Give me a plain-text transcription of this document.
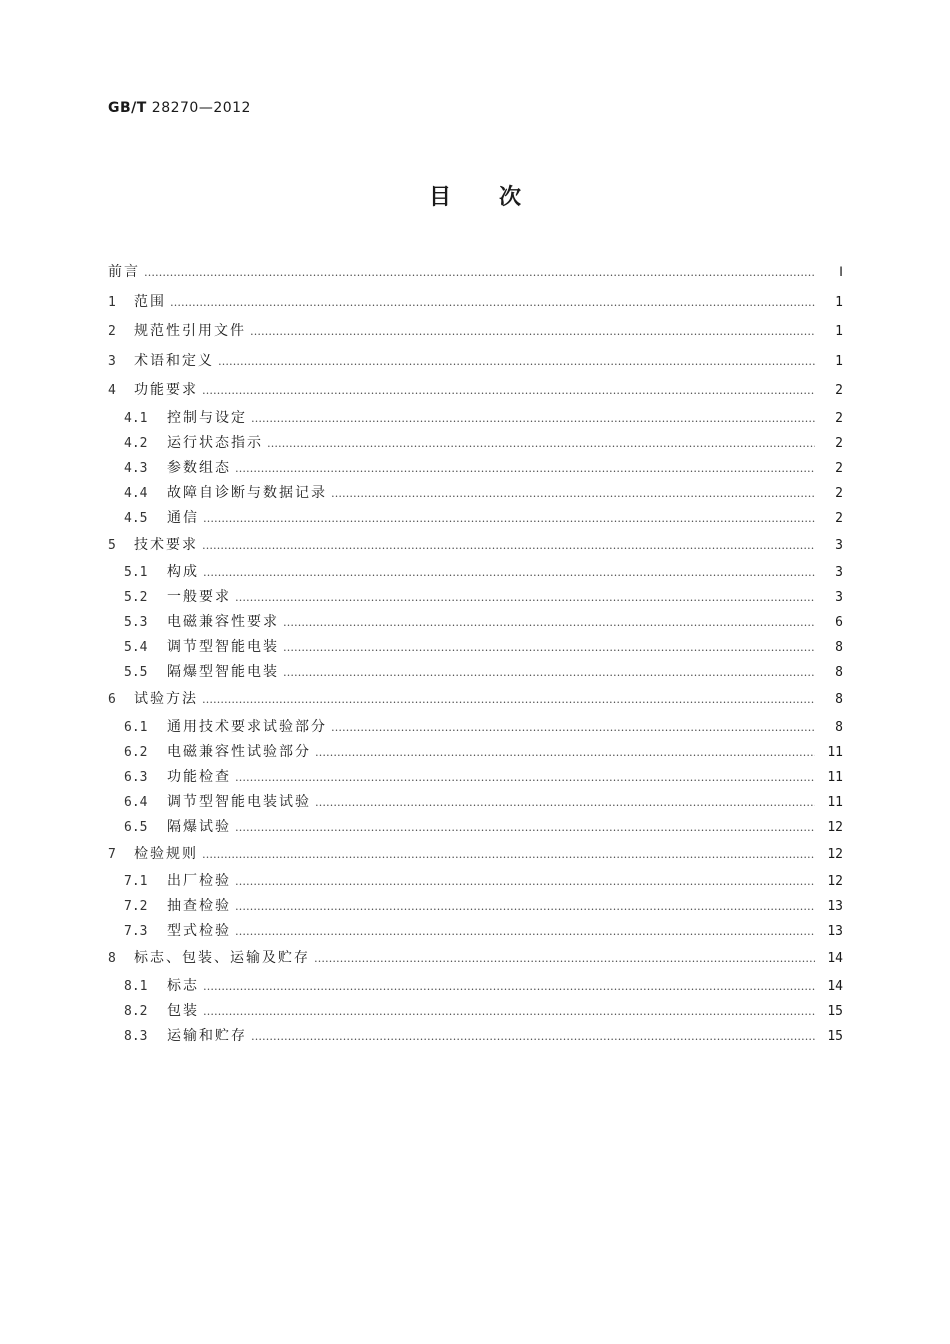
GB/T 28270—2012
目次
前言 ……………………………………………………………………………………………………………………………………………………………………………………………………………………………………………………	Ⅰ
1	范围 ……………………………………………………………………………………………………………………………………………………………………………………………………………………………………………………	1
2	规范性引用文件 ……………………………………………………………………………………………………………………………………………………………………………………………………………………………………………………	1
3	术语和定义 ……………………………………………………………………………………………………………………………………………………………………………………………………………………………………………………	1
4	功能要求 ……………………………………………………………………………………………………………………………………………………………………………………………………………………………………………………	2
4.1	控制与设定 ……………………………………………………………………………………………………………………………………………………………………………………………………………………………………………………	2
4.2	运行状态指示 ……………………………………………………………………………………………………………………………………………………………………………………………………………………………………………………	2
4.3	参数组态 ……………………………………………………………………………………………………………………………………………………………………………………………………………………………………………………	2
4.4	故障自诊断与数据记录 ……………………………………………………………………………………………………………………………………………………………………………………………………………………………………………………	2
4.5	通信 ……………………………………………………………………………………………………………………………………………………………………………………………………………………………………………………	2
5	技术要求 ……………………………………………………………………………………………………………………………………………………………………………………………………………………………………………………	3
5.1	构成 ……………………………………………………………………………………………………………………………………………………………………………………………………………………………………………………	3
5.2	一般要求 ……………………………………………………………………………………………………………………………………………………………………………………………………………………………………………………	3
5.3	电磁兼容性要求 ……………………………………………………………………………………………………………………………………………………………………………………………………………………………………………………	6
5.4	调节型智能电装 ……………………………………………………………………………………………………………………………………………………………………………………………………………………………………………………	8
5.5	隔爆型智能电装 ……………………………………………………………………………………………………………………………………………………………………………………………………………………………………………………	8
6	试验方法 ……………………………………………………………………………………………………………………………………………………………………………………………………………………………………………………	8
6.1	通用技术要求试验部分 ……………………………………………………………………………………………………………………………………………………………………………………………………………………………………………………	8
6.2	电磁兼容性试验部分 ……………………………………………………………………………………………………………………………………………………………………………………………………………………………………………………	11
6.3	功能检查 ……………………………………………………………………………………………………………………………………………………………………………………………………………………………………………………	11
6.4	调节型智能电装试验 ……………………………………………………………………………………………………………………………………………………………………………………………………………………………………………………	11
6.5	隔爆试验 ……………………………………………………………………………………………………………………………………………………………………………………………………………………………………………………	12
7	检验规则 ……………………………………………………………………………………………………………………………………………………………………………………………………………………………………………………	12
7.1	出厂检验 ……………………………………………………………………………………………………………………………………………………………………………………………………………………………………………………	12
7.2	抽查检验 ……………………………………………………………………………………………………………………………………………………………………………………………………………………………………………………	13
7.3	型式检验 ……………………………………………………………………………………………………………………………………………………………………………………………………………………………………………………	13
8	标志、包装、运输及贮存 ……………………………………………………………………………………………………………………………………………………………………………………………………………………………………………………	14
8.1	标志 ……………………………………………………………………………………………………………………………………………………………………………………………………………………………………………………	14
8.2	包装 ……………………………………………………………………………………………………………………………………………………………………………………………………………………………………………………	15
8.3	运输和贮存 ……………………………………………………………………………………………………………………………………………………………………………………………………………………………………………………	15
